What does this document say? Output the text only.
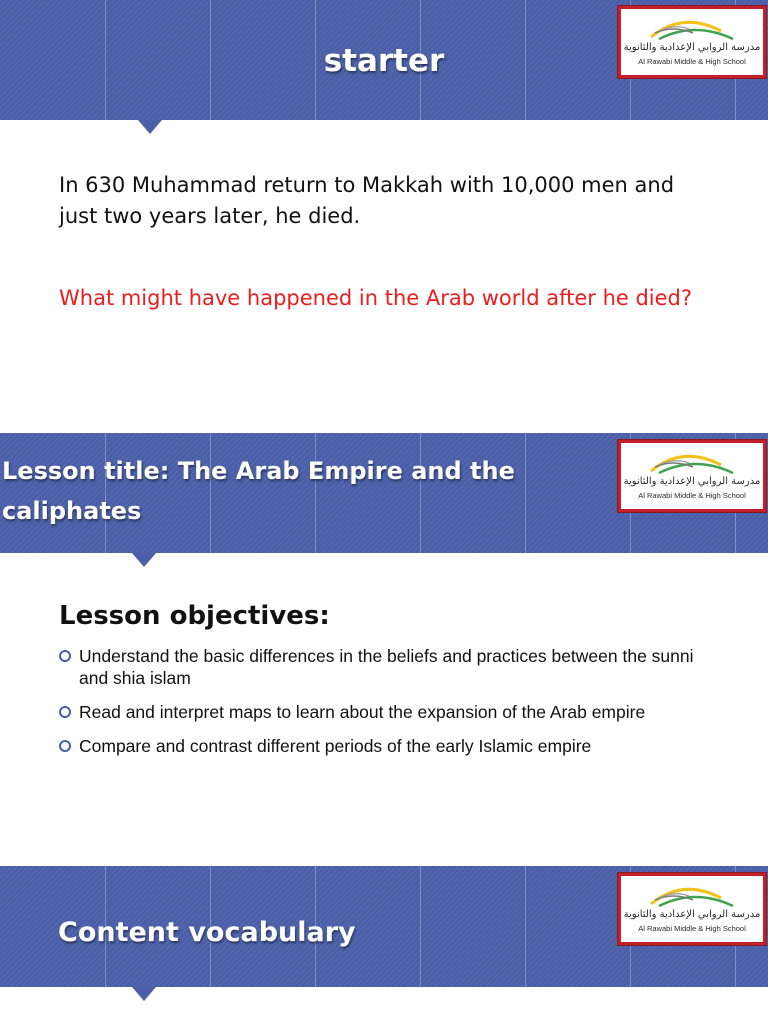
starter	مدرسة الروابي الإعدادية والثانوية
Al Rawabi Middle & High School

In 630 Muhammad return to Makkah with 10,000 men and just two years later, he died.

What might have happened in the Arab world after he died?

Lesson title: The Arab Empire and the
caliphates
مدرسة الروابي الإعدادية والثانوية
Al Rawabi Middle & High School
Lesson objectives:
Understand the basic differences in the beliefs and practices between the sunni and shia islam
Read and interpret maps to learn about the expansion of the Arab empire
Compare and contrast different periods of the early Islamic empire
Content vocabulary
مدرسة الروابي الإعدادية والثانوية
Al Rawabi Middle & High School
